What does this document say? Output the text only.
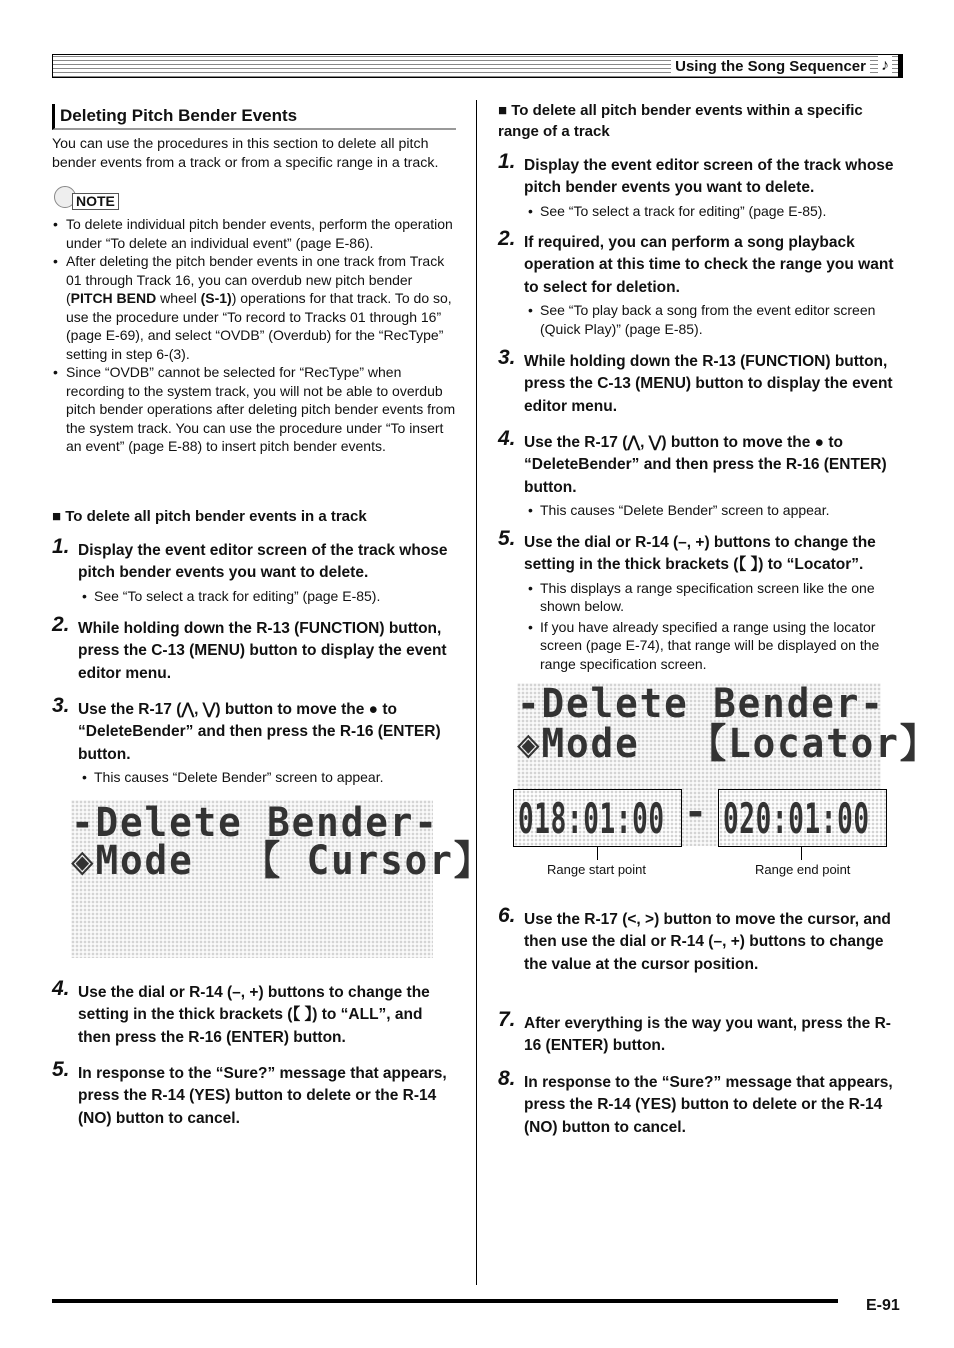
Using the Song Sequencer ♪
Deleting Pitch Bender Events
You can use the procedures in this section to delete all pitch bender events from a track or from a specific range in a track.
NOTE
• To delete individual pitch bender events, perform the operation under “To delete an individual event” (page E-86).
• After deleting the pitch bender events in one track from Track 01 through Track 16, you can overdub new pitch bender (PITCH BEND wheel (S-1)) operations for that track. To do so, use the procedure under “To record to Tracks 01 through 16” (page E-69), and select “OVDB” (Overdub) for the “RecType” setting in step 6-(3).
• Since “OVDB” cannot be selected for “RecType” when recording to the system track, you will not be able to overdub pitch bender operations after deleting pitch bender events from the system track. You can use the procedure under “To insert an event” (page E-88) to insert pitch bender events.
■ To delete all pitch bender events in a track
1. Display the event editor screen of the track whose pitch bender events you want to delete.
• See “To select a track for editing” (page E-85).
2. While holding down the R-13 (FUNCTION) button, press the C-13 (MENU) button to display the event editor menu.
3. Use the R-17 (⋀, ⋁) button to move the ● to “DeleteBender” and then press the R-16 (ENTER) button.
• This causes “Delete Bender” screen to appear.
-Delete Bender-
◈Mode  【 Cursor】
4. Use the dial or R-14 (–, +) buttons to change the setting in the thick brackets (【 】) to “ALL”, and then press the R-16 (ENTER) button.
5. In response to the “Sure?” message that appears, press the R-14 (YES) button to delete or the R-14 (NO) button to cancel.
■ To delete all pitch bender events within a specific range of a track
1. Display the event editor screen of the track whose pitch bender events you want to delete.
• See “To select a track for editing” (page E-85).
2. If required, you can perform a song playback operation at this time to check the range you want to select for deletion.
• See “To play back a song from the event editor screen (Quick Play)” (page E-85).
3. While holding down the R-13 (FUNCTION) button, press the C-13 (MENU) button to display the event editor menu.
4. Use the R-17 (⋀, ⋁) button to move the ● to “DeleteBender” and then press the R-16 (ENTER) button.
• This causes “Delete Bender” screen to appear.
5. Use the dial or R-14 (–, +) buttons to change the setting in the thick brackets (【 】) to “Locator”.
• This displays a range specification screen like the one shown below.
• If you have already specified a range using the locator screen (page E-74), that range will be displayed on the range specification screen.
-Delete Bender-
◈Mode  【Locator】
018:01:00 - 020:01:00
Range start point	Range end point
6. Use the R-17 (<, >) button to move the cursor, and then use the dial or R-14 (–, +) buttons to change the value at the cursor position.
7. After everything is the way you want, press the R-16 (ENTER) button.
8. In response to the “Sure?” message that appears, press the R-14 (YES) button to delete or the R-14 (NO) button to cancel.
E-91
